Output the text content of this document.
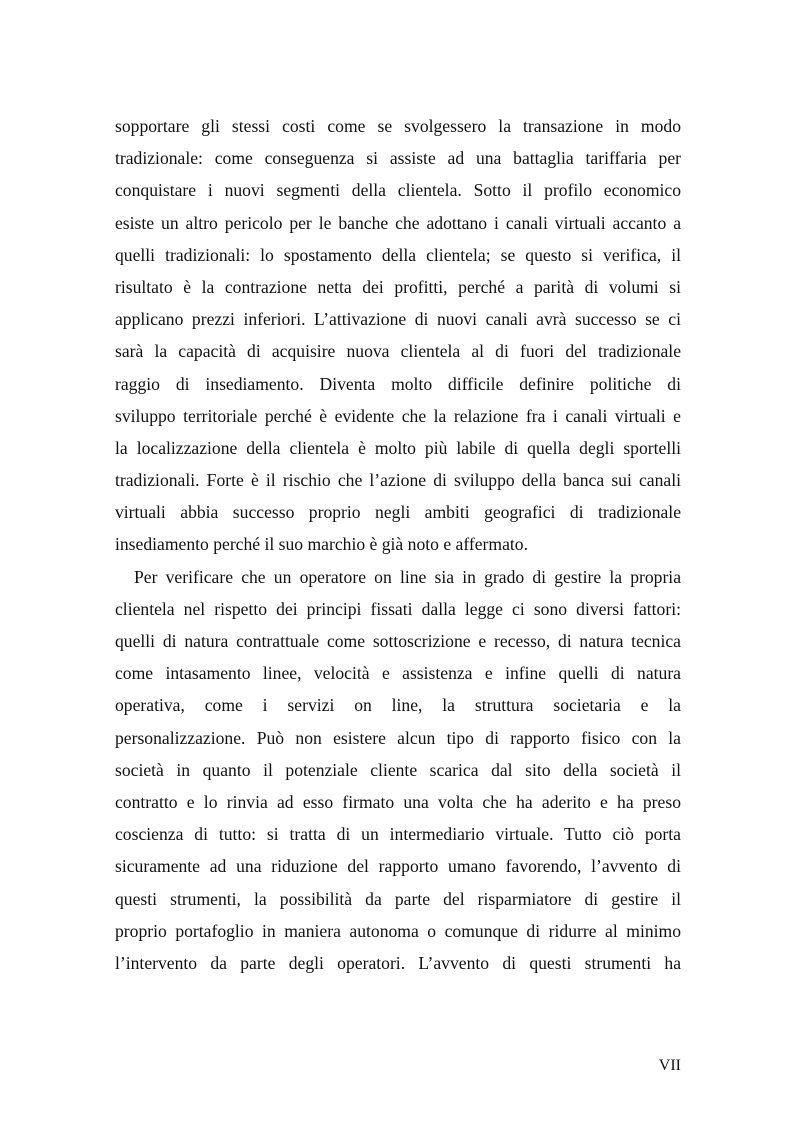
sopportare gli stessi costi come se svolgessero la transazione in modo
tradizionale: come conseguenza si assiste ad una battaglia tariffaria per
conquistare i nuovi segmenti della clientela. Sotto il profilo economico
esiste un altro pericolo per le banche che adottano i canali virtuali accanto a
quelli tradizionali: lo spostamento della clientela; se questo si verifica, il
risultato è la contrazione netta dei profitti, perché a parità di volumi si
applicano prezzi inferiori. L’attivazione di nuovi canali avrà successo se ci
sarà la capacità di acquisire nuova clientela al di fuori del tradizionale
raggio di insediamento. Diventa molto difficile definire politiche di
sviluppo territoriale perché è evidente che la relazione fra i canali virtuali e
la localizzazione della clientela è molto più labile di quella degli sportelli
tradizionali. Forte è il rischio che l’azione di sviluppo della banca sui canali
virtuali abbia successo proprio negli ambiti geografici di tradizionale
insediamento perché il suo marchio è già noto e affermato.
Per verificare che un operatore on line sia in grado di gestire la propria
clientela nel rispetto dei principi fissati dalla legge ci sono diversi fattori:
quelli di natura contrattuale come sottoscrizione e recesso, di natura tecnica
come intasamento linee, velocità e assistenza e infine quelli di natura
operativa, come i servizi on line, la struttura societaria e la
personalizzazione. Può non esistere alcun tipo di rapporto fisico con la
società in quanto il potenziale cliente scarica dal sito della società il
contratto e lo rinvia ad esso firmato una volta che ha aderito e ha preso
coscienza di tutto: si tratta di un intermediario virtuale. Tutto ciò porta
sicuramente ad una riduzione del rapporto umano favorendo, l’avvento di
questi strumenti, la possibilità da parte del risparmiatore di gestire il
proprio portafoglio in maniera autonoma o comunque di ridurre al minimo
l’intervento da parte degli operatori. L’avvento di questi strumenti ha
VII
